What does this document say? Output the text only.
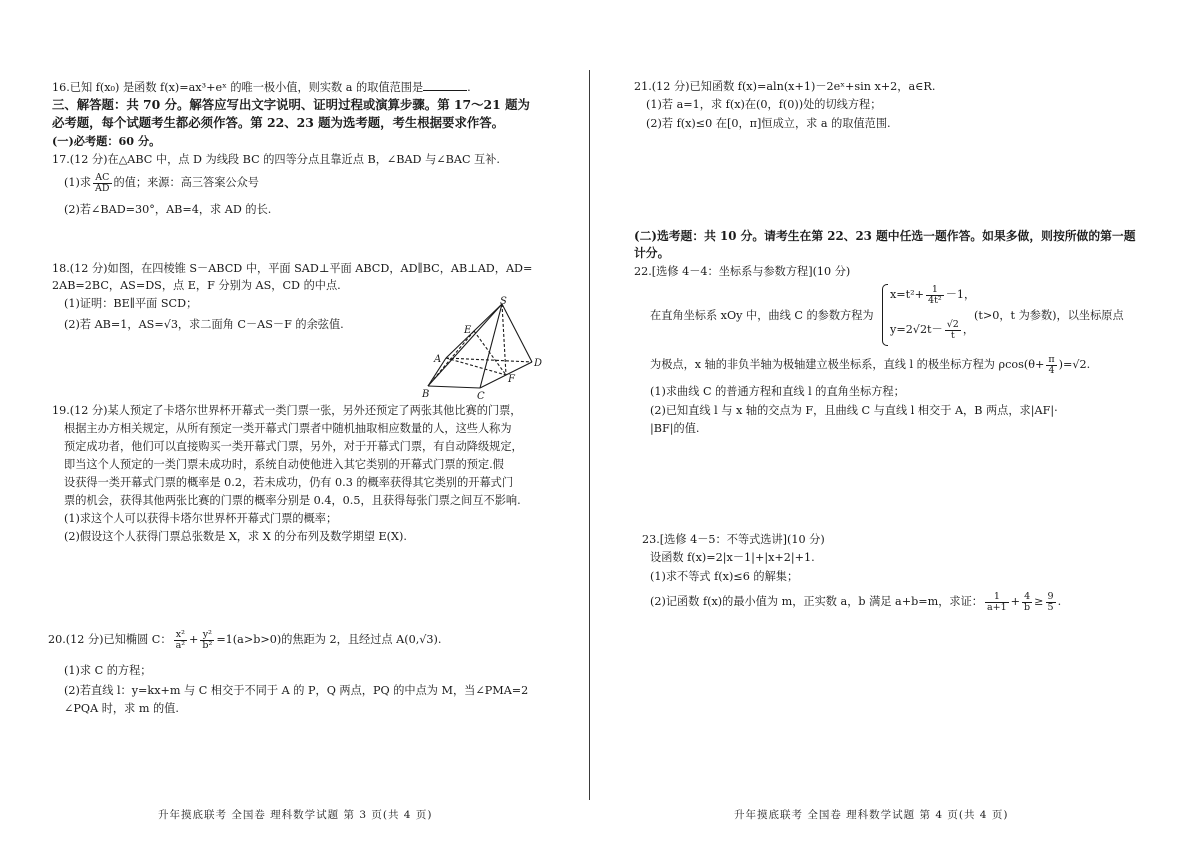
16.已知 f(x₀) 是函数 f(x)=ax³+eˣ 的唯一极小值，则实数 a 的取值范围是	.
三、解答题：共 70 分。解答应写出文字说明、证明过程或演算步骤。第 17～21 题为
必考题，每个试题考生都必须作答。第 22、23 题为选考题，考生根据要求作答。
(一)必考题：60 分。
17.(12 分)在△ABC 中，点 D 为线段 BC 的四等分点且靠近点 B，∠BAD 与∠BAC 互补.
(1)求 $\frac{AC}{AD}$ 的值；来源：高三答案公众号
(2)若∠BAD=30°，AB=4，求 AD 的长.
18.(12 分)如图，在四棱锥 S－ABCD 中，平面 SAD⊥平面 ABCD，AD∥BC，AB⊥AD，AD=
2AB=2BC，AS=DS，点 E，F 分别为 AS，CD 的中点.
(1)证明：BE∥平面 SCD；
(2)若 AB=1，AS=√3，求二面角 C－AS－F 的余弦值.
S
E
A	D
F
B	C
19.(12 分)某人预定了卡塔尔世界杯开幕式一类门票一张，另外还预定了两张其他比赛的门票，
根据主办方相关规定，从所有预定一类开幕式门票者中随机抽取相应数量的人，这些人称为
预定成功者，他们可以直接购买一类开幕式门票，另外，对于开幕式门票，有自动降级规定，
即当这个人预定的一类门票未成功时，系统自动使他进入其它类别的开幕式门票的预定.假
设获得一类开幕式门票的概率是 0.2，若未成功，仍有 0.3 的概率获得其它类别的开幕式门
票的机会，获得其他两张比赛的门票的概率分别是 0.4，0.5，且获得每张门票之间互不影响.
(1)求这个人可以获得卡塔尔世界杯开幕式门票的概率；
(2)假设这个人获得门票总张数是 X，求 X 的分布列及数学期望 E(X).
20.(12 分)已知椭圆 C： $\frac{\text{x²}}{\text{a²}} + \frac{\text{y²}}{\text{b²}} =1(a>b>0)$的焦距为 2，且经过点 A(0,√3).
(1)求 C 的方程；
(2)若直线 l：y=kx+m 与 C 相交于不同于 A 的 P，Q 两点，PQ 的中点为 M，当∠PMA=2
∠PQA 时，求 m 的值.
升年摸底联考 全国卷 理科数学试题 第 3 页(共 4 页)
21.(12 分)已知函数 f(x)=aln(x+1)－2eˣ+sin x+2，a∈R.
(1)若 a=1，求 f(x)在(0，f(0))处的切线方程；
(2)若 f(x)≤0 在[0，π]恒成立，求 a 的取值范围.
(二)选考题：共 10 分。请考生在第 22、23 题中任选一题作答。如果多做，则按所做的第一题
计分。
22.[选修 4－4：坐标系与参数方程](10 分)
在直角坐标系 xOy 中，曲线 C 的参数方程为
$x=t^2+ \frac{1}{\text{4t²}} -1$，
$y=2√2t- \frac{√2}{t}$ ，
(t>0，t 为参数)，以坐标原点
为极点，x 轴的非负半轴为极轴建立极坐标系，直线 l 的极坐标方程为 $\rho\cos(\theta+ \frac{\pi}{4} )=√2$.
(1)求曲线 C 的普通方程和直线 l 的直角坐标方程；
(2)已知直线 l 与 x 轴的交点为 F，且曲线 C 与直线 l 相交于 A，B 两点，求|AF|·
|BF|的值.
23.[选修 4－5：不等式选讲](10 分)
设函数 f(x)=2|x－1|+|x+2|+1.
(1)求不等式 f(x)≤6 的解集；
(2)记函数 f(x)的最小值为 m，正实数 a，b 满足 a+b=m，求证： $\frac{1}{a+1} + \frac{4}{b} \ge \frac{9}{5}$ .
升年摸底联考 全国卷 理科数学试题 第 4 页(共 4 页)
